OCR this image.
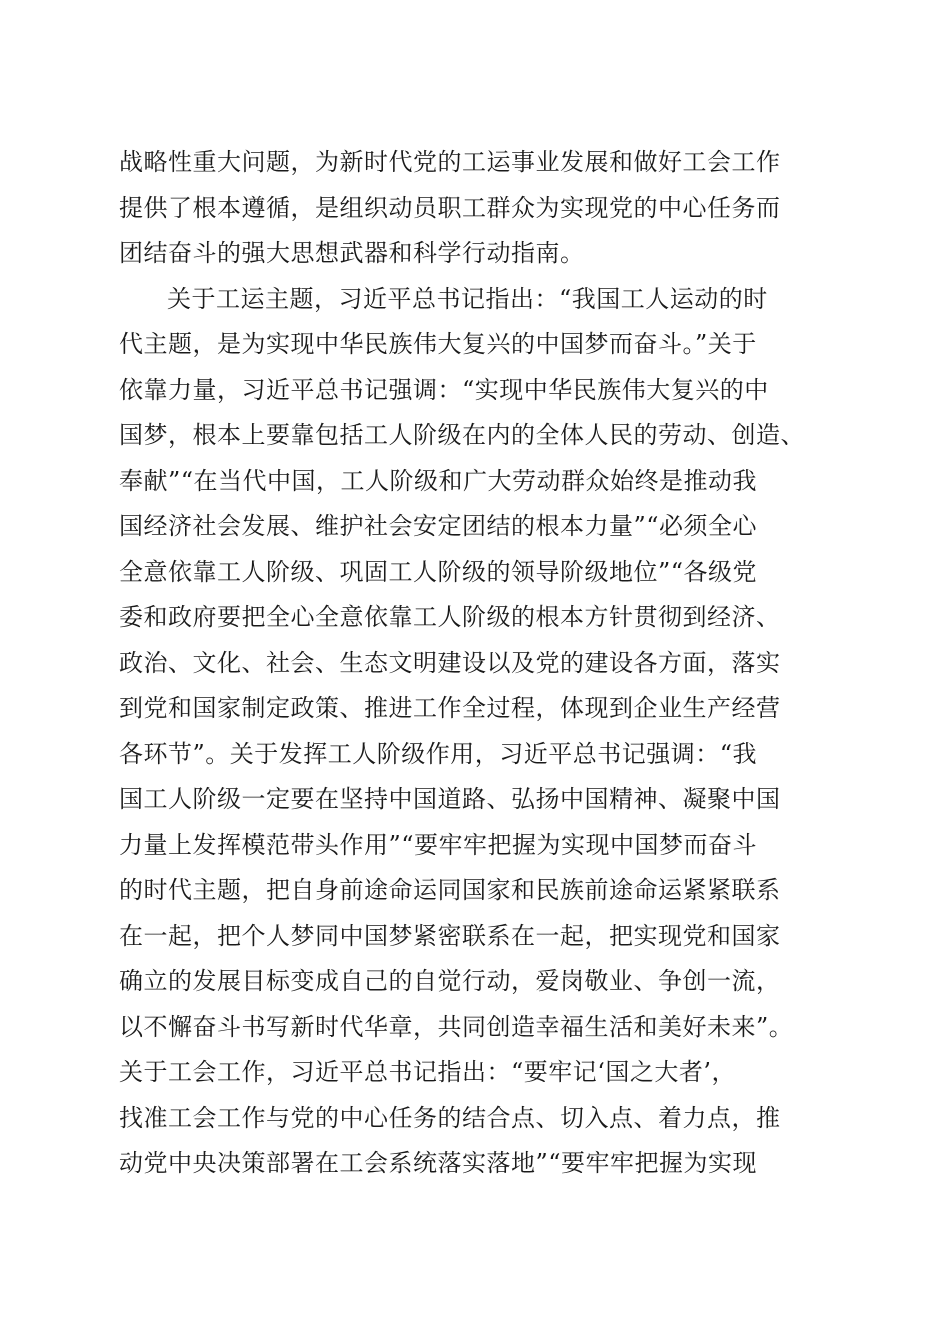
战略性重大问题，为新时代党的工运事业发展和做好工会工作
提供了根本遵循，是组织动员职工群众为实现党的中心任务而
团结奋斗的强大思想武器和科学行动指南。
关于工运主题，习近平总书记指出：“我国工人运动的时
代主题，是为实现中华民族伟大复兴的中国梦而奋斗。”关于
依靠力量，习近平总书记强调：“实现中华民族伟大复兴的中
国梦，根本上要靠包括工人阶级在内的全体人民的劳动、创造、
奉献”“在当代中国，工人阶级和广大劳动群众始终是推动我
国经济社会发展、维护社会安定团结的根本力量”“必须全心
全意依靠工人阶级、巩固工人阶级的领导阶级地位”“各级党
委和政府要把全心全意依靠工人阶级的根本方针贯彻到经济、
政治、文化、社会、生态文明建设以及党的建设各方面，落实
到党和国家制定政策、推进工作全过程，体现到企业生产经营
各环节”。关于发挥工人阶级作用，习近平总书记强调：“我
国工人阶级一定要在坚持中国道路、弘扬中国精神、凝聚中国
力量上发挥模范带头作用”“要牢牢把握为实现中国梦而奋斗
的时代主题，把自身前途命运同国家和民族前途命运紧紧联系
在一起，把个人梦同中国梦紧密联系在一起，把实现党和国家
确立的发展目标变成自己的自觉行动，爱岗敬业、争创一流，
以不懈奋斗书写新时代华章，共同创造幸福生活和美好未来”。
关于工会工作，习近平总书记指出：“要牢记‘国之大者’，
找准工会工作与党的中心任务的结合点、切入点、着力点，推
动党中央决策部署在工会系统落实落地”“要牢牢把握为实现
